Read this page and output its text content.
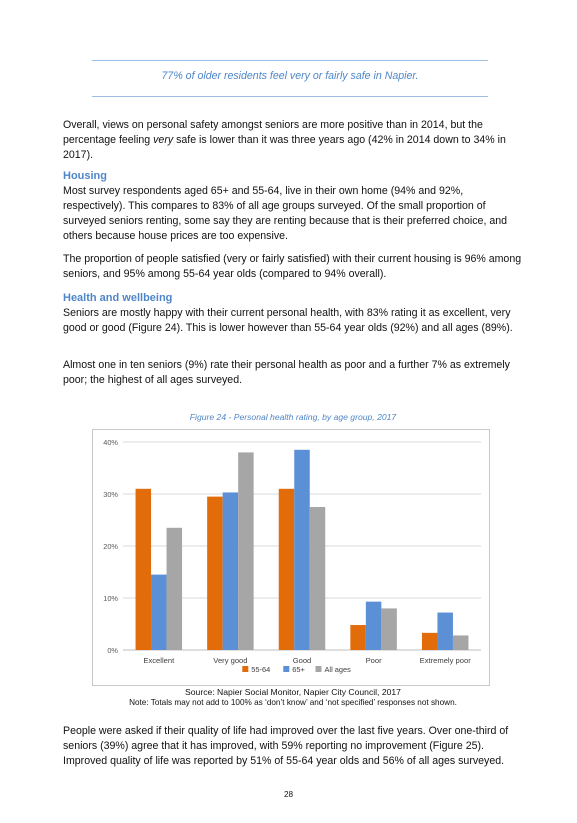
77% of older residents feel very or fairly safe in Napier.
Overall, views on personal safety amongst seniors are more positive than in 2014, but the percentage feeling very safe is lower than it was three years ago (42% in 2014 down to 34% in 2017).
Housing
Most survey respondents aged 65+ and 55-64, live in their own home (94% and 92%, respectively). This compares to 83% of all age groups surveyed. Of the small proportion of surveyed seniors renting, some say they are renting because that is their preferred choice, and others because house prices are too expensive.
The proportion of people satisfied (very or fairly satisfied) with their current housing is 96% among seniors, and 95% among 55-64 year olds (compared to 94% overall).
Health and wellbeing
Seniors are mostly happy with their current personal health, with 83% rating it as excellent, very good or good (Figure 24). This is lower however than 55-64 year olds (92%) and all ages (89%).
Almost one in ten seniors (9%) rate their personal health as poor and a further 7% as extremely poor; the highest of all ages surveyed.
Figure 24 - Personal health rating, by age group, 2017
0%
10%
20%
30%
40%
Excellent	Very good	Good	Poor	Extremely poor
55-64	65+	All ages
Source: Napier Social Monitor, Napier City Council, 2017
Note: Totals may not add to 100% as ‘don’t know’ and ‘not specified’ responses not shown.
People were asked if their quality of life had improved over the last five years. Over one-third of seniors (39%) agree that it has improved, with 59% reporting no improvement (Figure 25). Improved quality of life was reported by 51% of 55-64 year olds and 56% of all ages surveyed.
28
